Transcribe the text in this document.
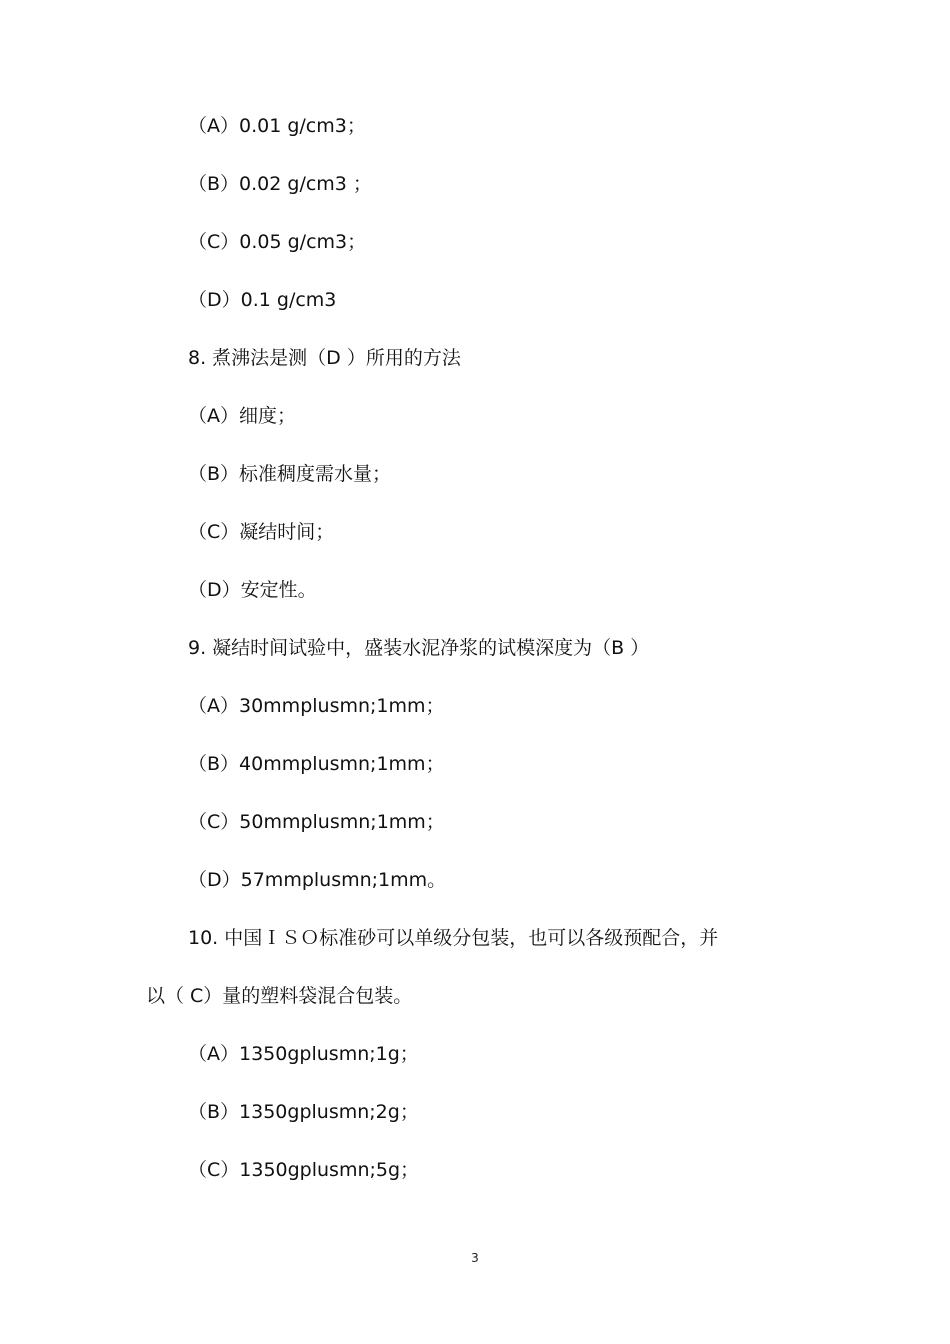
（A）0.01 g/cm3；
（B）0.02 g/cm3 ；
（C）0.05 g/cm3；
（D）0.1 g/cm3
8. 煮沸法是测（D ）所用的方法
（A）细度；
（B）标准稠度需水量；
（C）凝结时间；
（D）安定性。
9. 凝结时间试验中，盛装水泥净浆的试模深度为（B ）
（A）30mmplusmn;1mm；
（B）40mmplusmn;1mm；
（C）50mmplusmn;1mm；
（D）57mmplusmn;1mm。
10. 中国ＩＳＯ标准砂可以单级分包装，也可以各级预配合，并
以（ C）量的塑料袋混合包装。
（A）1350gplusmn;1g；
（B）1350gplusmn;2g；
（C）1350gplusmn;5g；
3
